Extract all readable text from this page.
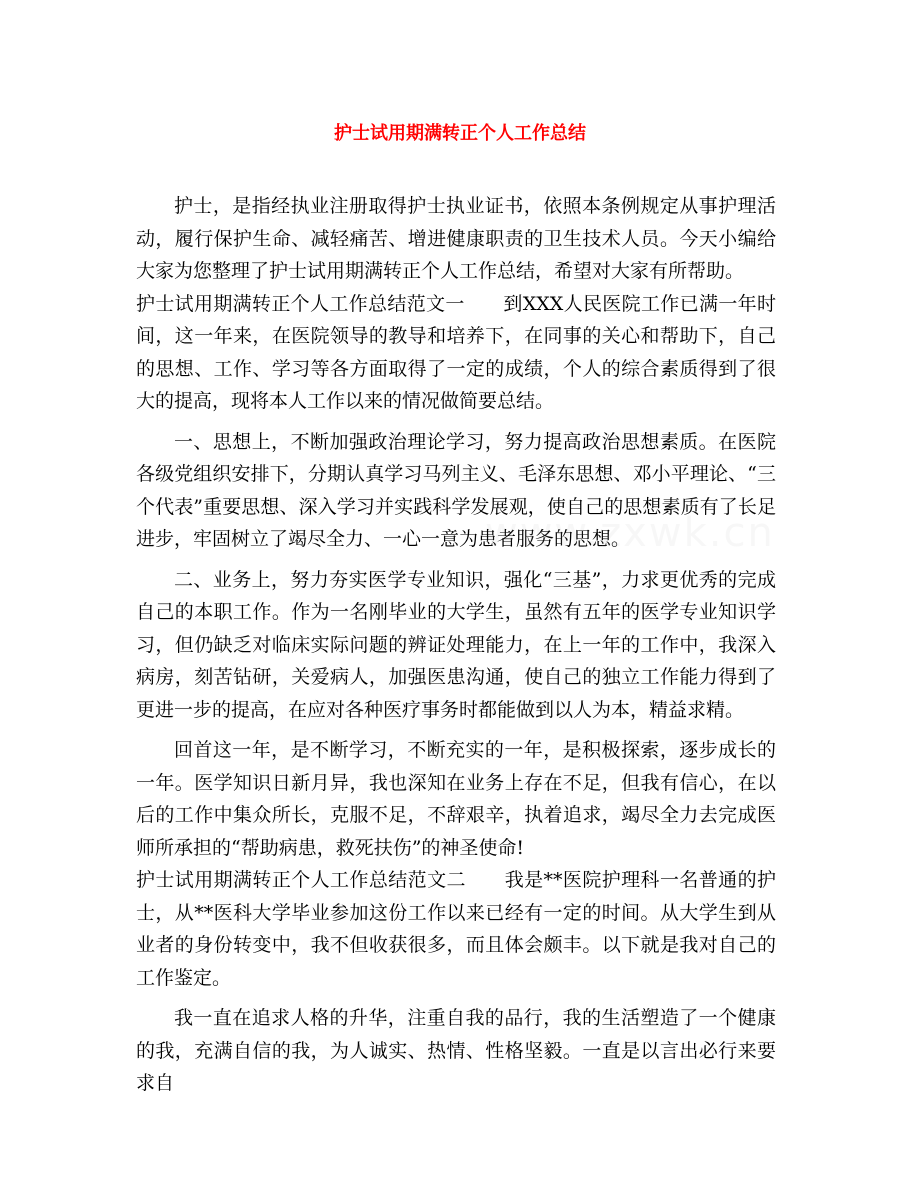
护士试用期满转正个人工作总结

护士，是指经执业注册取得护士执业证书，依照本条例规定从事护理活动，履行保护生命、减轻痛苦、增进健康职责的卫生技术人员。今天小编给大家为您整理了护士试用期满转正个人工作总结，希望对大家有所帮助。

护士试用期满转正个人工作总结范文一　　到XXX人民医院工作已满一年时间，这一年来，在医院领导的教导和培养下，在同事的关心和帮助下，自己的思想、工作、学习等各方面取得了一定的成绩，个人的综合素质得到了很大的提高，现将本人工作以来的情况做简要总结。

一、思想上，不断加强政治理论学习，努力提高政治思想素质。在医院各级党组织安排下，分期认真学习马列主义、毛泽东思想、邓小平理论、“三个代表”重要思想、深入学习并实践科学发展观，使自己的思想素质有了长足进步，牢固树立了竭尽全力、一心一意为患者服务的思想。

二、业务上，努力夯实医学专业知识，强化“三基”，力求更优秀的完成自己的本职工作。作为一名刚毕业的大学生，虽然有五年的医学专业知识学习，但仍缺乏对临床实际问题的辨证处理能力，在上一年的工作中，我深入病房，刻苦钻研，关爱病人，加强医患沟通，使自己的独立工作能力得到了更进一步的提高，在应对各种医疗事务时都能做到以人为本，精益求精。

回首这一年，是不断学习，不断充实的一年，是积极探索，逐步成长的一年。医学知识日新月异，我也深知在业务上存在不足，但我有信心，在以后的工作中集众所长，克服不足，不辞艰辛，执着追求，竭尽全力去完成医师所承担的“帮助病患，救死扶伤”的神圣使命!

护士试用期满转正个人工作总结范文二　　我是**医院护理科一名普通的护士，从**医科大学毕业参加这份工作以来已经有一定的时间。从大学生到从业者的身份转变中，我不但收获很多，而且体会颇丰。以下就是我对自己的工作鉴定。

我一直在追求人格的升华，注重自我的品行，我的生活塑造了一个健康的我，充满自信的我，为人诚实、热情、性格坚毅。一直是以言出必行来要求自

www.zxwk.cn
